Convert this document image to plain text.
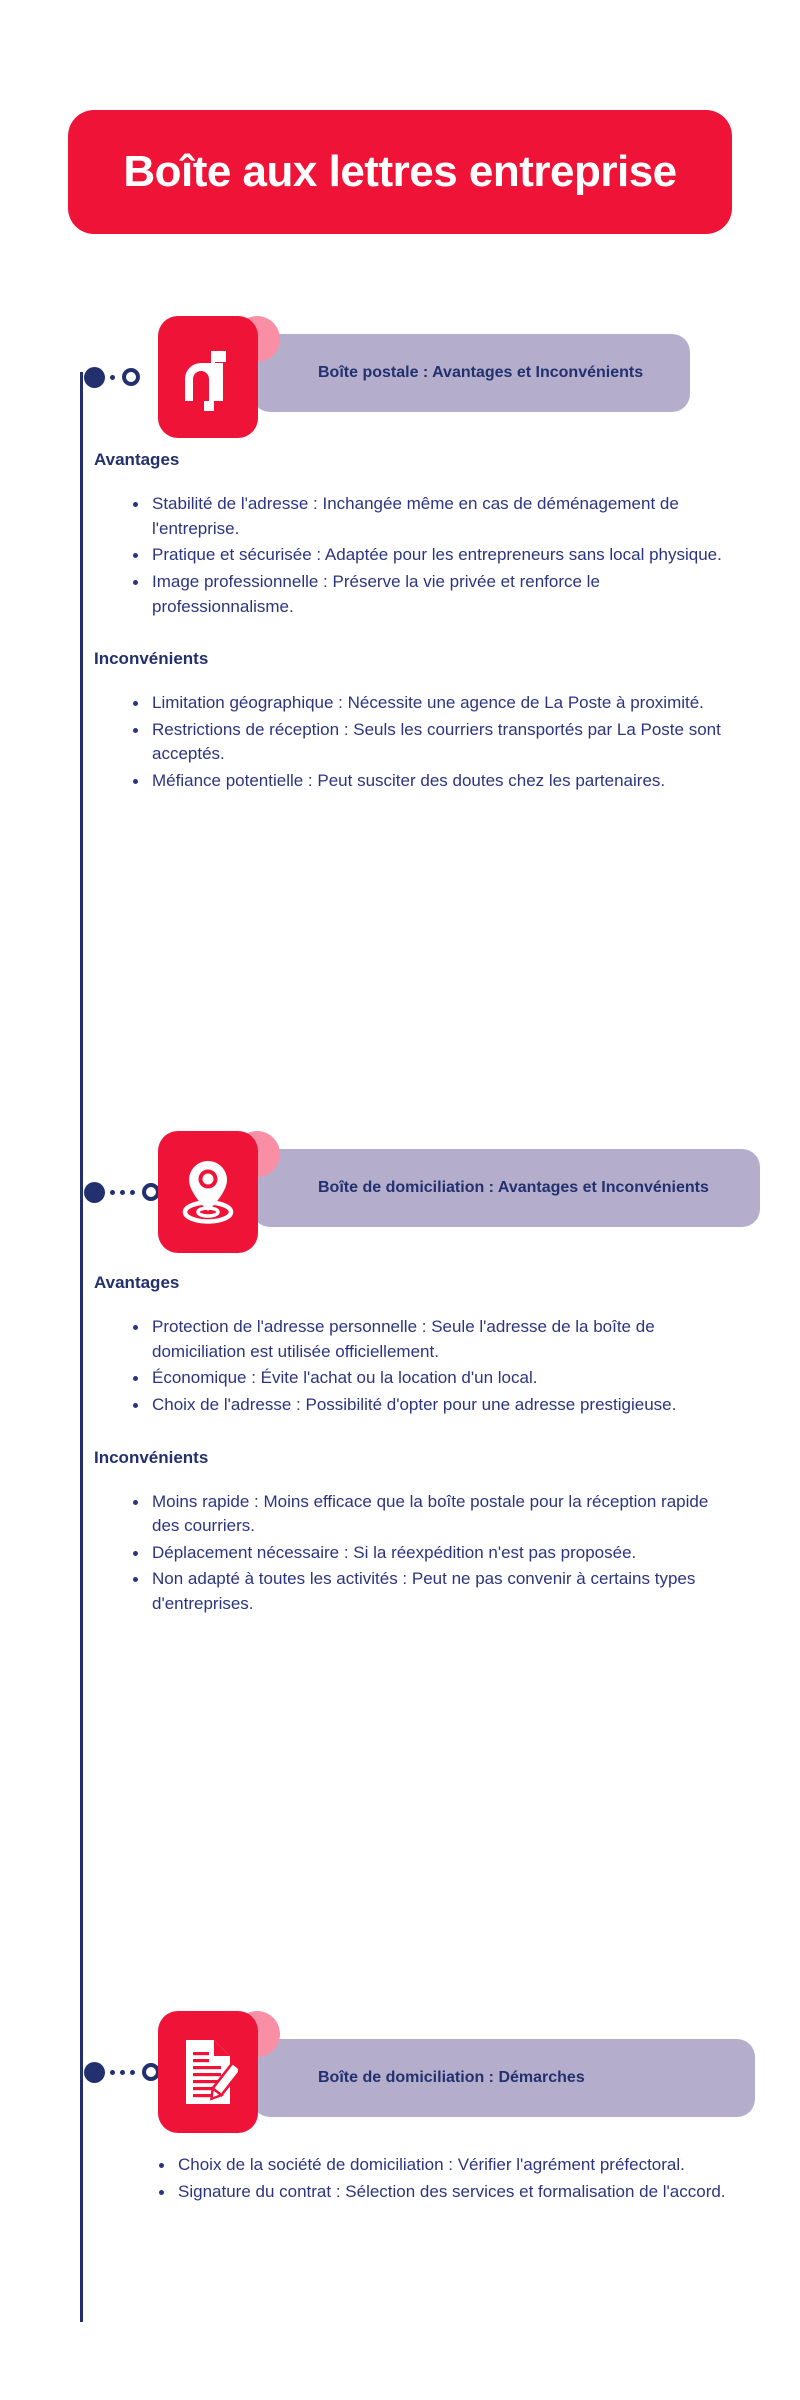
Boîte aux lettres entreprise
Boîte postale : Avantages et Inconvénients
Avantages
Stabilité de l'adresse : Inchangée même en cas de déménagement de l'entreprise.
Pratique et sécurisée : Adaptée pour les entrepreneurs sans local physique.
Image professionnelle : Préserve la vie privée et renforce le professionnalisme.
Inconvénients
Limitation géographique : Nécessite une agence de La Poste à proximité.
Restrictions de réception : Seuls les courriers transportés par La Poste sont acceptés.
Méfiance potentielle : Peut susciter des doutes chez les partenaires.
Boîte de domiciliation : Avantages et Inconvénients
Avantages
Protection de l'adresse personnelle : Seule l'adresse de la boîte de domiciliation est utilisée officiellement.
Économique : Évite l'achat ou la location d'un local.
Choix de l'adresse : Possibilité d'opter pour une adresse prestigieuse.
Inconvénients
Moins rapide : Moins efficace que la boîte postale pour la réception rapide des courriers.
Déplacement nécessaire : Si la réexpédition n'est pas proposée.
Non adapté à toutes les activités : Peut ne pas convenir à certains types d'entreprises.
Boîte de domiciliation : Démarches
Choix de la société de domiciliation : Vérifier l'agrément préfectoral.
Signature du contrat : Sélection des services et formalisation de l'accord.
